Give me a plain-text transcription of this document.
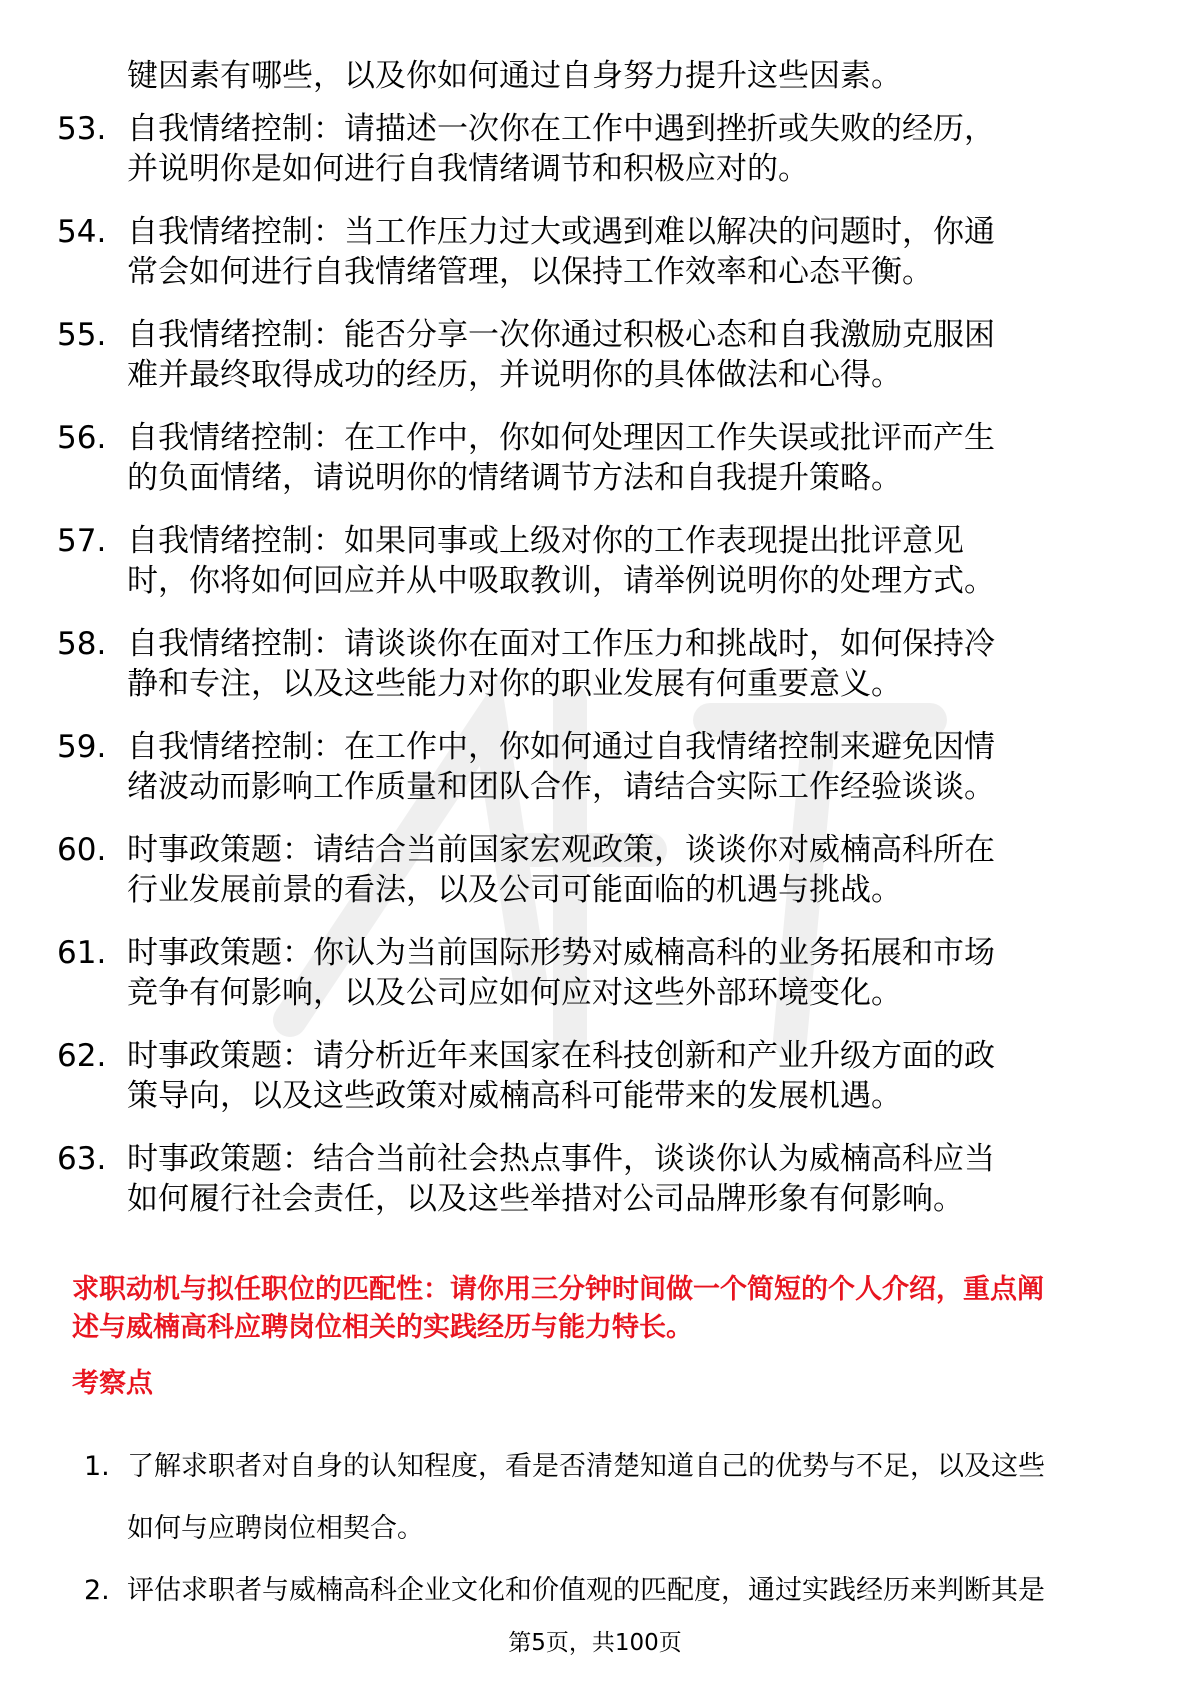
键因素有哪些，以及你如何通过自身努力提升这些因素。
53. 自我情绪控制：请描述一次你在工作中遇到挫折或失败的经历，
并说明你是如何进行自我情绪调节和积极应对的。
54. 自我情绪控制：当工作压力过大或遇到难以解决的问题时，你通
常会如何进行自我情绪管理，以保持工作效率和心态平衡。
55. 自我情绪控制：能否分享一次你通过积极心态和自我激励克服困
难并最终取得成功的经历，并说明你的具体做法和心得。
56. 自我情绪控制：在工作中，你如何处理因工作失误或批评而产生
的负面情绪，请说明你的情绪调节方法和自我提升策略。
57. 自我情绪控制：如果同事或上级对你的工作表现提出批评意见
时，你将如何回应并从中吸取教训，请举例说明你的处理方式。
58. 自我情绪控制：请谈谈你在面对工作压力和挑战时，如何保持冷
静和专注，以及这些能力对你的职业发展有何重要意义。
59. 自我情绪控制：在工作中，你如何通过自我情绪控制来避免因情
绪波动而影响工作质量和团队合作，请结合实际工作经验谈谈。
60. 时事政策题：请结合当前国家宏观政策，谈谈你对威楠高科所在
行业发展前景的看法，以及公司可能面临的机遇与挑战。
61. 时事政策题：你认为当前国际形势对威楠高科的业务拓展和市场
竞争有何影响，以及公司应如何应对这些外部环境变化。
62. 时事政策题：请分析近年来国家在科技创新和产业升级方面的政
策导向，以及这些政策对威楠高科可能带来的发展机遇。
63. 时事政策题：结合当前社会热点事件，谈谈你认为威楠高科应当
如何履行社会责任，以及这些举措对公司品牌形象有何影响。
求职动机与拟任职位的匹配性：请你用三分钟时间做一个简短的个人介绍，重点阐
述与威楠高科应聘岗位相关的实践经历与能力特长。
考察点
1. 了解求职者对自身的认知程度，看是否清楚知道自己的优势与不足，以及这些
如何与应聘岗位相契合。
2. 评估求职者与威楠高科企业文化和价值观的匹配度，通过实践经历来判断其是
第5页，共100页
